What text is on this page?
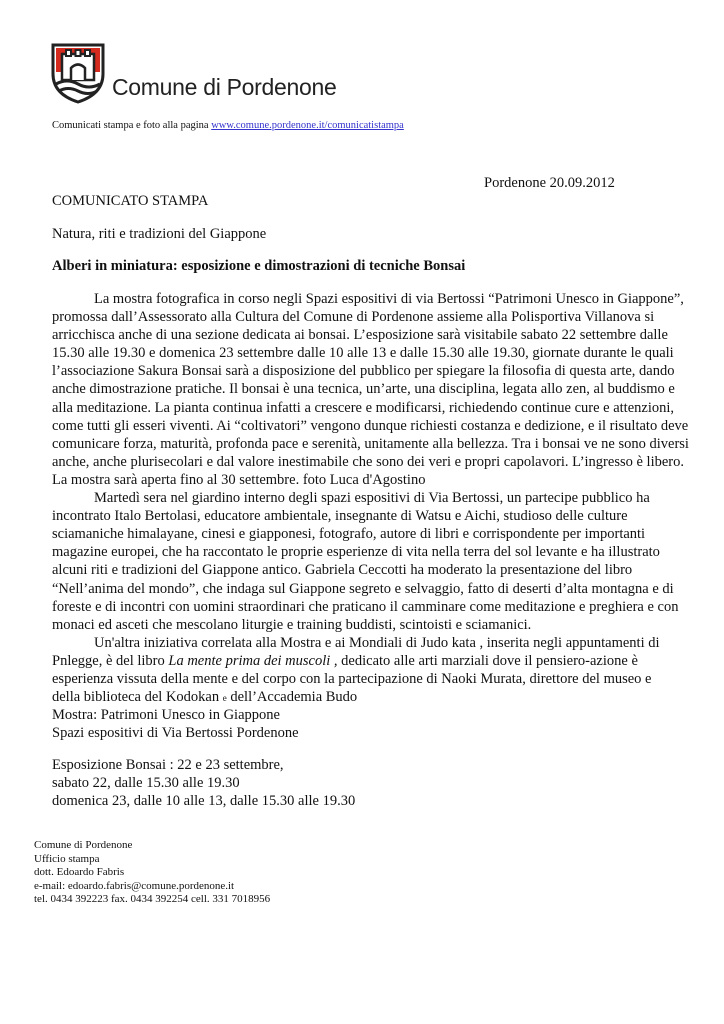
Comune di Pordenone
Comunicati stampa e foto alla pagina www.comune.pordenone.it/comunicatistampa
Pordenone 20.09.2012
COMUNICATO STAMPA
Natura, riti e tradizioni del Giappone
Alberi in miniatura: esposizione e dimostrazioni di tecniche Bonsai
La mostra fotografica in corso negli Spazi espositivi di via Bertossi “Patrimoni Unesco in Giappone”,
promossa dall’Assessorato alla Cultura del Comune di Pordenone assieme alla Polisportiva Villanova si
arricchisca anche di una sezione dedicata ai bonsai. L’esposizione sarà visitabile sabato 22 settembre dalle
15.30 alle 19.30 e domenica 23 settembre dalle 10 alle 13 e dalle 15.30 alle 19.30, giornate durante le quali
l’associazione Sakura Bonsai sarà a disposizione del pubblico per spiegare la filosofia di questa arte, dando
anche dimostrazione pratiche. Il bonsai è una tecnica, un’arte, una disciplina, legata allo zen, al buddismo e
alla meditazione. La pianta continua infatti a crescere e modificarsi, richiedendo continue cure e attenzioni,
come tutti gli esseri viventi. Ai “coltivatori” vengono dunque richiesti costanza e dedizione, e il risultato deve
comunicare forza, maturità, profonda pace e serenità, unitamente alla bellezza. Tra i bonsai ve ne sono diversi
anche, anche plurisecolari e dal valore inestimabile che sono dei veri e propri capolavori. L’ingresso è libero.
La mostra sarà aperta fino al 30 settembre. foto Luca d'Agostino
Martedì sera nel giardino interno degli spazi espositivi di Via Bertossi, un partecipe pubblico ha
incontrato Italo Bertolasi, educatore ambientale, insegnante di Watsu e Aichi, studioso delle culture
sciamaniche himalayane, cinesi e giapponesi, fotografo, autore di libri e corrispondente per importanti
magazine europei, che ha raccontato le proprie esperienze di vita nella terra del sol levante e ha illustrato
alcuni riti e tradizioni del Giappone antico. Gabriela Ceccotti ha moderato la presentazione del libro
“Nell’anima del mondo”, che indaga sul Giappone segreto e selvaggio, fatto di deserti d’alta montagna e di
foreste e di incontri con uomini straordinari che praticano il camminare come meditazione e preghiera e con
monaci ed asceti che mescolano liturgie e training buddisti, scintoisti e sciamanici.
Un'altra iniziativa correlata alla Mostra e ai Mondiali di Judo kata , inserita negli appuntamenti di
Pnlegge, è del libro La mente prima dei muscoli , dedicato alle arti marziali dove il pensiero-azione è
esperienza vissuta della mente e del corpo con la partecipazione di Naoki Murata, direttore del museo e
della biblioteca del Kodokan e dell’Accademia Budo
Mostra: Patrimoni Unesco in Giappone
Spazi espositivi di Via Bertossi Pordenone
Esposizione Bonsai : 22 e 23 settembre,
sabato 22, dalle 15.30 alle 19.30
domenica 23, dalle 10 alle 13, dalle 15.30 alle 19.30
Comune di Pordenone
Ufficio stampa
dott. Edoardo Fabris
e-mail: edoardo.fabris@comune.pordenone.it
tel. 0434 392223 fax. 0434 392254 cell. 331 7018956
